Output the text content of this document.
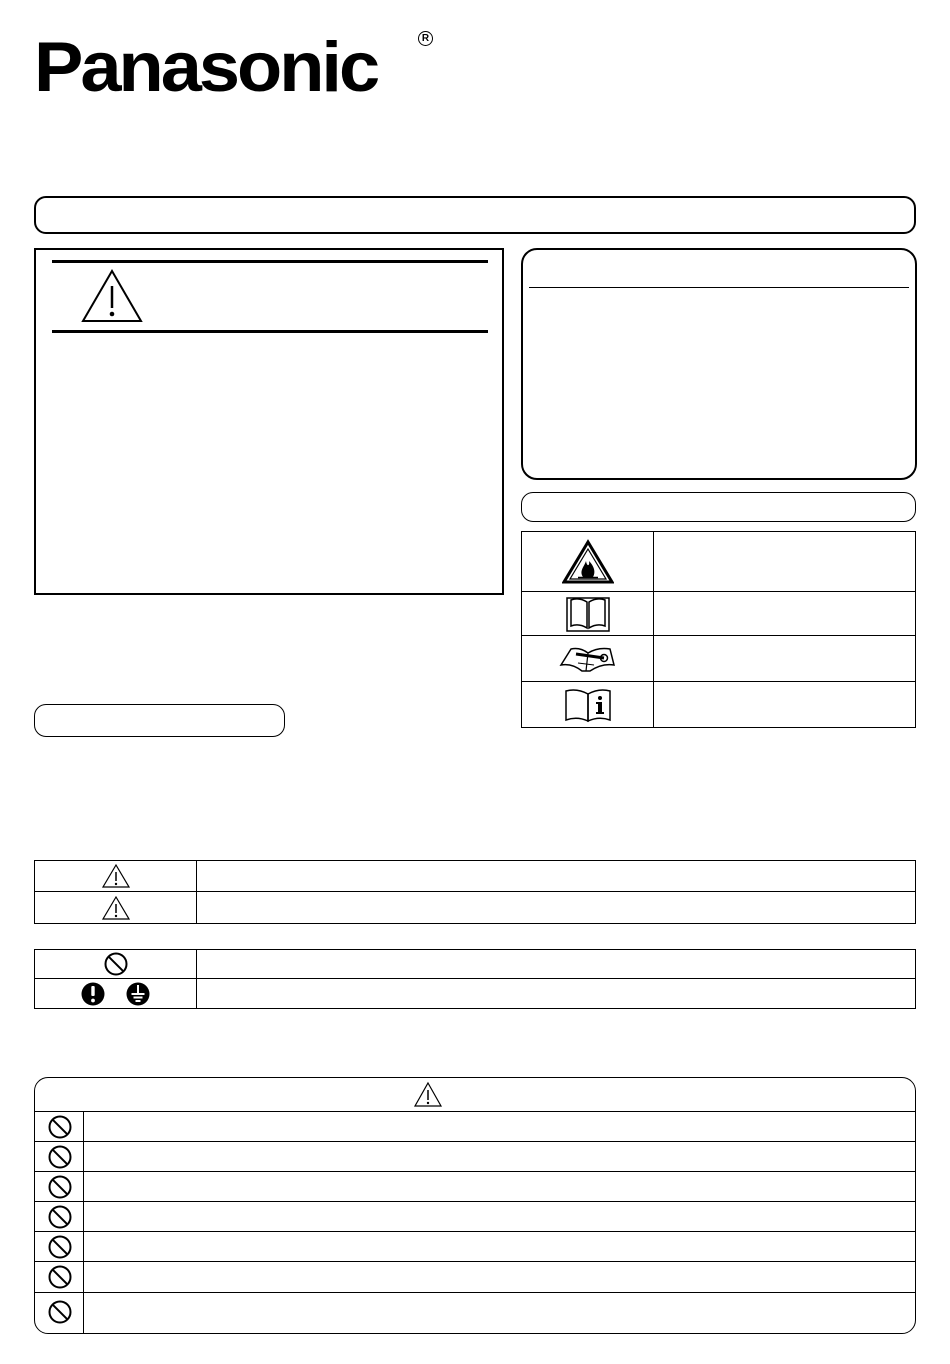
Panasonic	R
